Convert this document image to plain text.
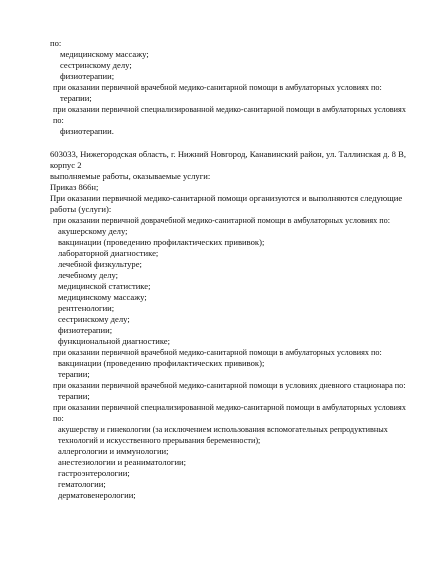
по:
медицинскому массажу;
сестринскому делу;
физиотерапии;
при оказании первичной врачебной медико-санитарной помощи в амбулаторных условиях по:
терапии;
при оказании первичной специализированной медико-санитарной помощи в амбулаторных условиях по:
физиотерапии.
603033, Нижегородская область, г. Нижний Новгород, Канавинский район, ул. Таллинская д. 8 В, корпус 2
выполняемые работы, оказываемые услуги:
Приказ 866н;
При оказании первичной медико-санитарной помощи организуются и выполняются следующие работы (услуги):
при оказании первичной доврачебной медико-санитарной помощи в амбулаторных условиях по:
акушерскому делу;
вакцинации (проведению профилактических прививок);
лабораторной диагностике;
лечебной физкультуре;
лечебному делу;
медицинской статистике;
медицинскому массажу;
рентгенологии;
сестринскому делу;
физиотерапии;
функциональной диагностике;
при оказании первичной врачебной медико-санитарной помощи в амбулаторных условиях по:
вакцинации (проведению профилактических прививок);
терапии;
при оказании первичной врачебной медико-санитарной помощи в условиях дневного стационара по:
терапии;
при оказании первичной специализированной медико-санитарной помощи в амбулаторных условиях по:
акушерству и гинекологии (за исключением использования вспомогательных репродуктивных технологий и искусственного прерывания беременности);
аллергологии и иммунологии;
анестезиологии и реаниматологии;
гастроэнтерологии;
гематологии;
дерматовенерологии;
